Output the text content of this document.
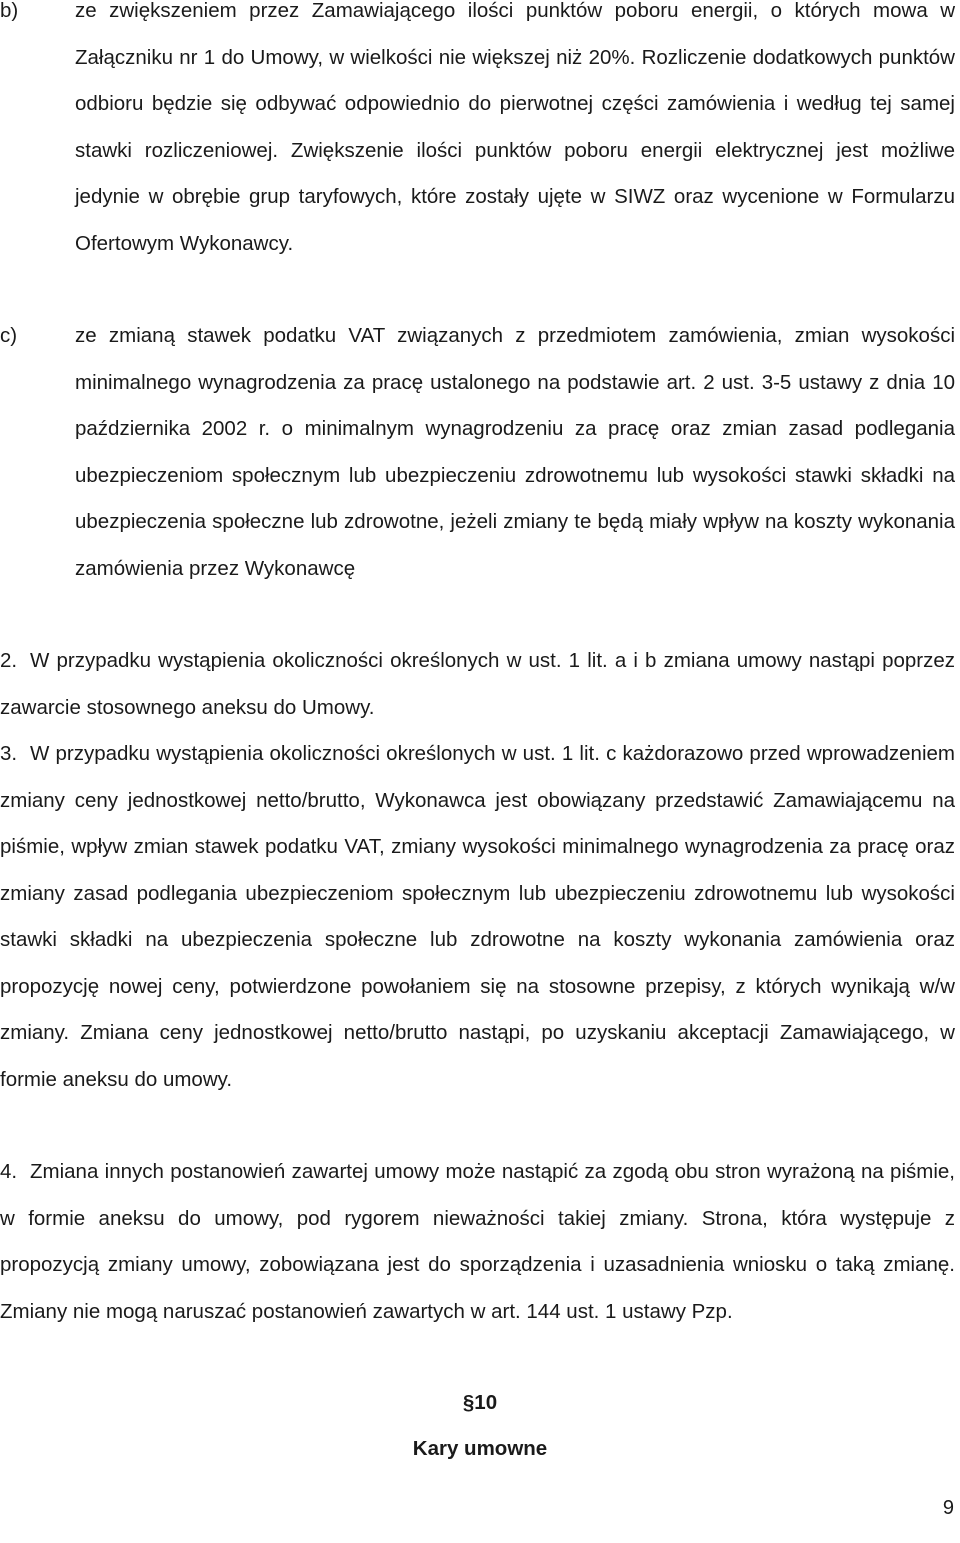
b)	ze zwiększeniem przez Zamawiającego ilości punktów poboru energii, o których mowa w Załączniku nr 1 do Umowy, w wielkości nie większej niż 20%. Rozliczenie dodatkowych punktów odbioru będzie się odbywać odpowiednio do pierwotnej części zamówienia i według tej samej stawki rozliczeniowej. Zwiększenie ilości punktów poboru energii elektrycznej jest możliwe jedynie w obrębie grup taryfowych, które zostały ujęte w SIWZ oraz wycenione w Formularzu Ofertowym Wykonawcy.
c)	ze zmianą stawek podatku VAT związanych z przedmiotem zamówienia, zmian wysokości minimalnego wynagrodzenia za pracę ustalonego na podstawie art. 2 ust. 3-5 ustawy z dnia 10 października 2002 r. o minimalnym wynagrodzeniu za pracę oraz zmian zasad podlegania ubezpieczeniom społecznym lub ubezpieczeniu zdrowotnemu lub wysokości stawki składki na ubezpieczenia społeczne lub zdrowotne, jeżeli zmiany te będą miały wpływ na koszty wykonania zamówienia przez Wykonawcę
2. W przypadku wystąpienia okoliczności określonych w ust. 1 lit. a i b zmiana umowy nastąpi poprzez zawarcie stosownego aneksu do Umowy.
3. W przypadku wystąpienia okoliczności określonych w ust. 1 lit. c każdorazowo przed wprowadzeniem zmiany ceny jednostkowej netto/brutto, Wykonawca jest obowiązany przedstawić Zamawiającemu na piśmie, wpływ zmian stawek podatku VAT, zmiany wysokości minimalnego wynagrodzenia za pracę oraz zmiany zasad podlegania ubezpieczeniom społecznym lub ubezpieczeniu zdrowotnemu lub wysokości stawki składki na ubezpieczenia społeczne lub zdrowotne na koszty wykonania zamówienia oraz propozycję nowej ceny, potwierdzone powołaniem się na stosowne przepisy, z których wynikają w/w zmiany. Zmiana ceny jednostkowej netto/brutto nastąpi, po uzyskaniu akceptacji Zamawiającego, w formie aneksu do umowy.
4. Zmiana innych postanowień zawartej umowy może nastąpić za zgodą obu stron wyrażoną na piśmie, w formie aneksu do umowy, pod rygorem nieważności takiej zmiany. Strona, która występuje z propozycją zmiany umowy, zobowiązana jest do sporządzenia i uzasadnienia wniosku o taką zmianę. Zmiany nie mogą naruszać postanowień zawartych w art. 144 ust. 1 ustawy Pzp.
§10
Kary umowne
9
